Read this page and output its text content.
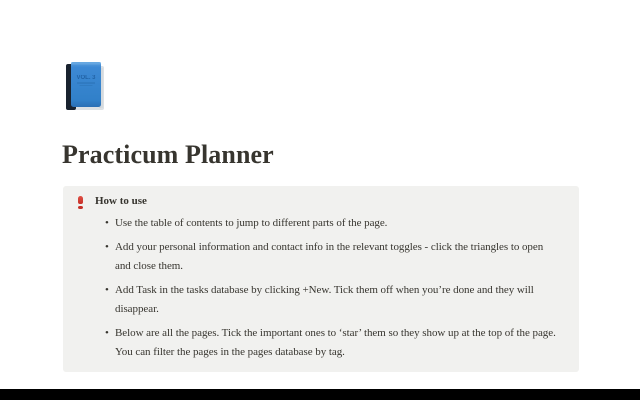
VOL. 3
Practicum Planner
How to use
• Use the table of contents to jump to different parts of the page.
• Add your personal information and contact info in the relevant toggles - click the triangles to open and close them.
• Add Task in the tasks database by clicking +New. Tick them off when you’re done and they will disappear.
• Below are all the pages. Tick the important ones to ‘star’ them so they show up at the top of the page. You can filter the pages in the pages database by tag.
